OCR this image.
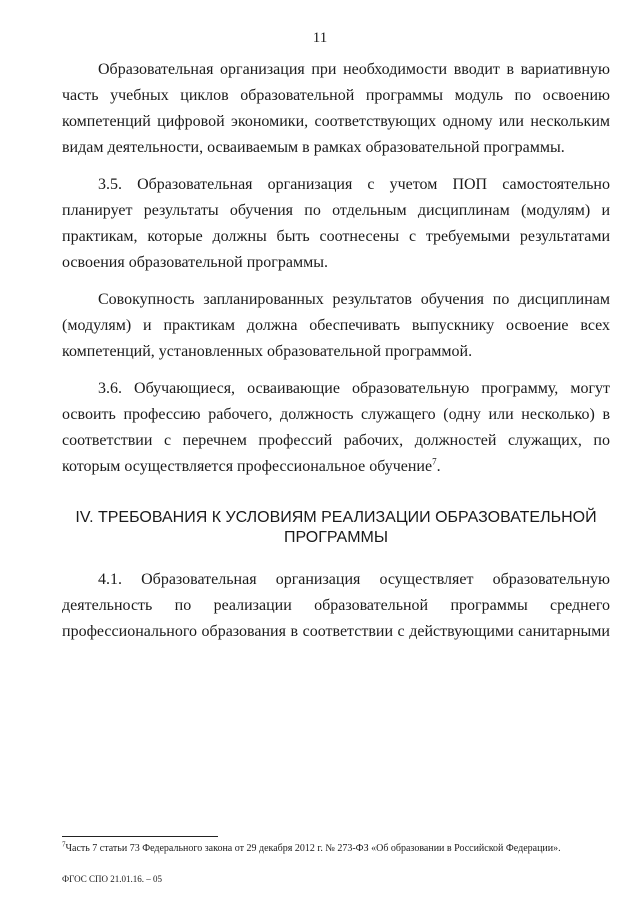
11

Образовательная организация при необходимости вводит в вариативную часть учебных циклов образовательной программы модуль по освоению компетенций цифровой экономики, соответствующих одному или нескольким видам деятельности, осваиваемым в рамках образовательной программы.

3.5. Образовательная организация с учетом ПОП самостоятельно планирует результаты обучения по отдельным дисциплинам (модулям) и практикам, которые должны быть соотнесены с требуемыми результатами освоения образовательной программы.

Совокупность запланированных результатов обучения по дисциплинам (модулям) и практикам должна обеспечивать выпускнику освоение всех компетенций, установленных образовательной программой.

3.6. Обучающиеся, осваивающие образовательную программу, могут освоить профессию рабочего, должность служащего (одну или несколько) в соответствии с перечнем профессий рабочих, должностей служащих, по которым осуществляется профессиональное обучение$^7$.

IV. ТРЕБОВАНИЯ К УСЛОВИЯМ РЕАЛИЗАЦИИ ОБРАЗОВАТЕЛЬНОЙ ПРОГРАММЫ

4.1. Образовательная организация осуществляет образовательную деятельность по реализации образовательной программы среднего профессионального образования в соответствии с действующими санитарными

$^7$Часть 7 статьи 73 Федерального закона от 29 декабря 2012 г. № 273-ФЗ «Об образовании в Российской Федерации».
ФГОС СПО 21.01.16. – 05
